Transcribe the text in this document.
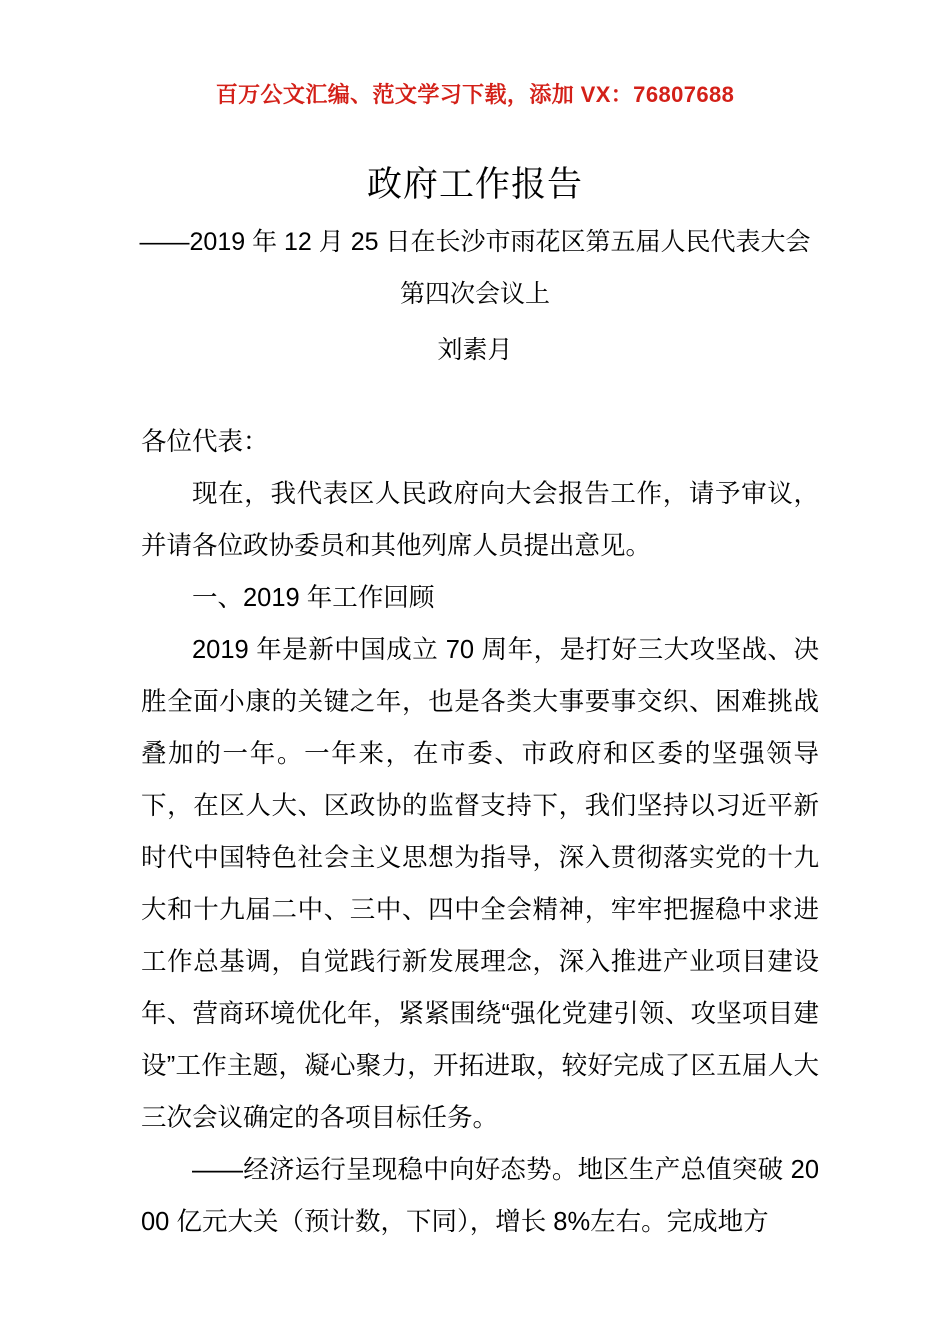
百万公文汇编、范文学习下载，添加 VX：76807688
政府工作报告

——2019 年 12 月 25 日在长沙市雨花区第五届人民代表大会第四次会议上

刘素月

各位代表：

现在，我代表区人民政府向大会报告工作，请予审议，并请各位政协委员和其他列席人员提出意见。

一、2019 年工作回顾

2019 年是新中国成立 70 周年，是打好三大攻坚战、决胜全面小康的关键之年，也是各类大事要事交织、困难挑战叠加的一年。一年来，在市委、市政府和区委的坚强领导下，在区人大、区政协的监督支持下，我们坚持以习近平新时代中国特色社会主义思想为指导，深入贯彻落实党的十九大和十九届二中、三中、四中全会精神，牢牢把握稳中求进工作总基调，自觉践行新发展理念，深入推进产业项目建设年、营商环境优化年，紧紧围绕“强化党建引领、攻坚项目建设”工作主题，凝心聚力，开拓进取，较好完成了区五届人大三次会议确定的各项目标任务。

——经济运行呈现稳中向好态势。地区生产总值突破 2000 亿元大关（预计数，下同），增长 8%左右。完成地方
